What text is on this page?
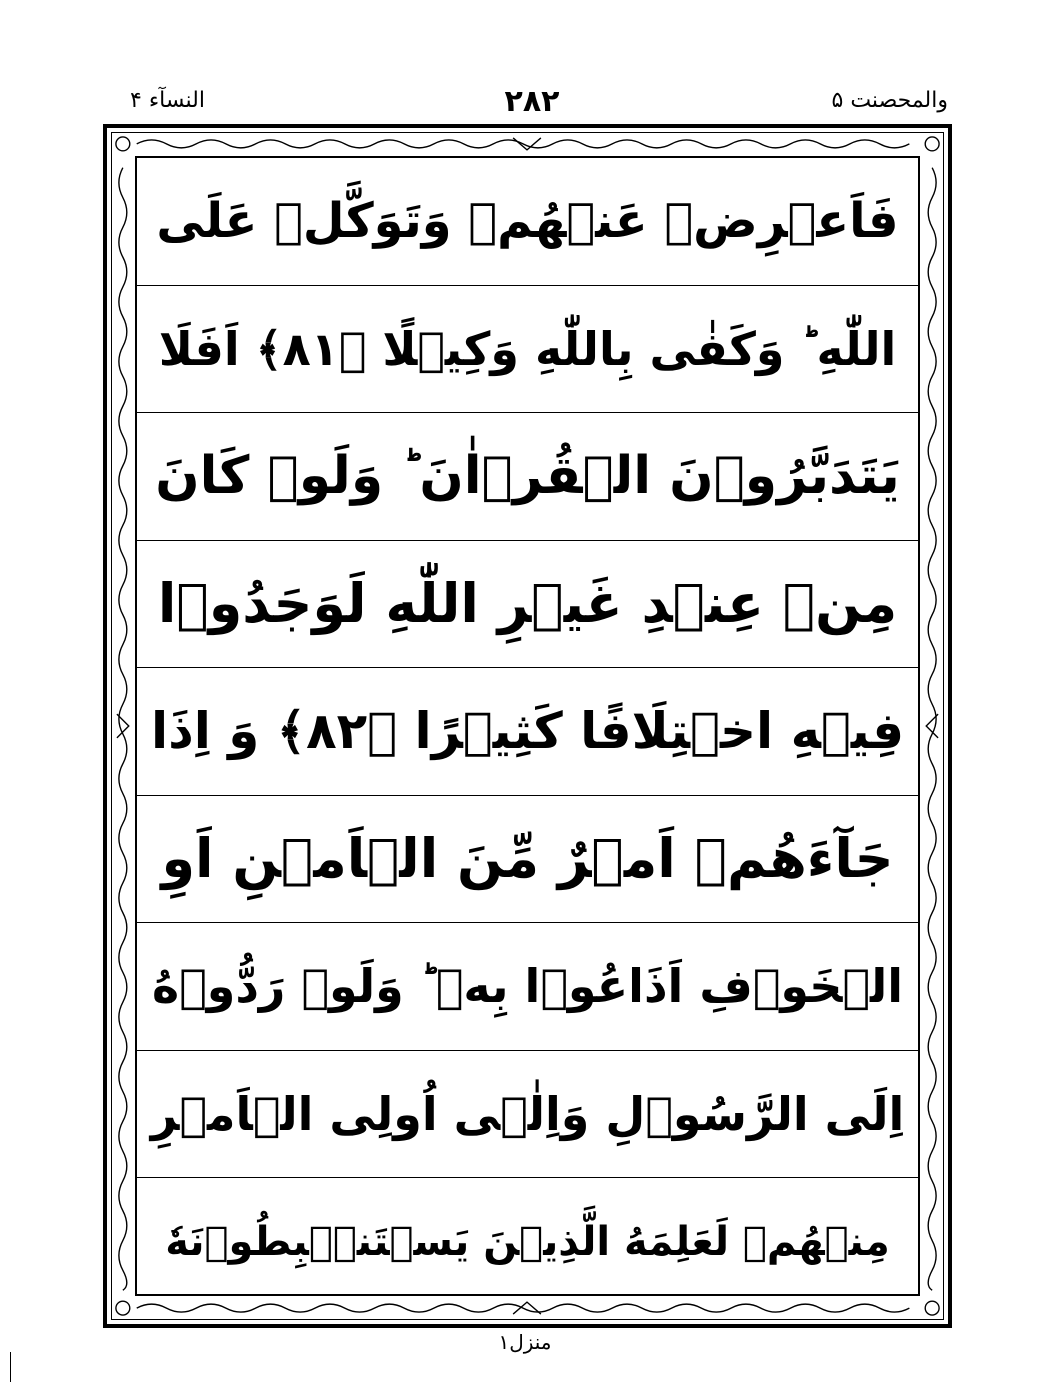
النسآء ۴	۲۸۲	والمحصنت ۵
فَاَعۡرِضۡ عَنۡهُمۡ وَتَوَكَّلۡ عَلَى
اللّٰهِ ؕ وَكَفٰى بِاللّٰهِ وَكِيۡلًا ﴿۸۱﴾ اَفَلَا
يَتَدَبَّرُوۡنَ الۡقُرۡاٰنَ ؕ وَلَوۡ كَانَ
مِنۡ عِنۡدِ غَيۡرِ اللّٰهِ لَوَجَدُوۡا
فِيۡهِ اخۡتِلَافًا كَثِيۡرًا ﴿۸۲﴾ وَ اِذَا
جَآءَهُمۡ اَمۡرٌ مِّنَ الۡاَمۡنِ اَوِ
الۡخَوۡفِ اَذَاعُوۡا بِهٖ ؕ وَلَوۡ رَدُّوۡهُ
اِلَى الرَّسُوۡلِ وَاِلٰۤى اُولِى الۡاَمۡرِ
مِنۡهُمۡ لَعَلِمَهُ الَّذِيۡنَ يَسۡتَنۡۢبِطُوۡنَهٗ
منزل۱
